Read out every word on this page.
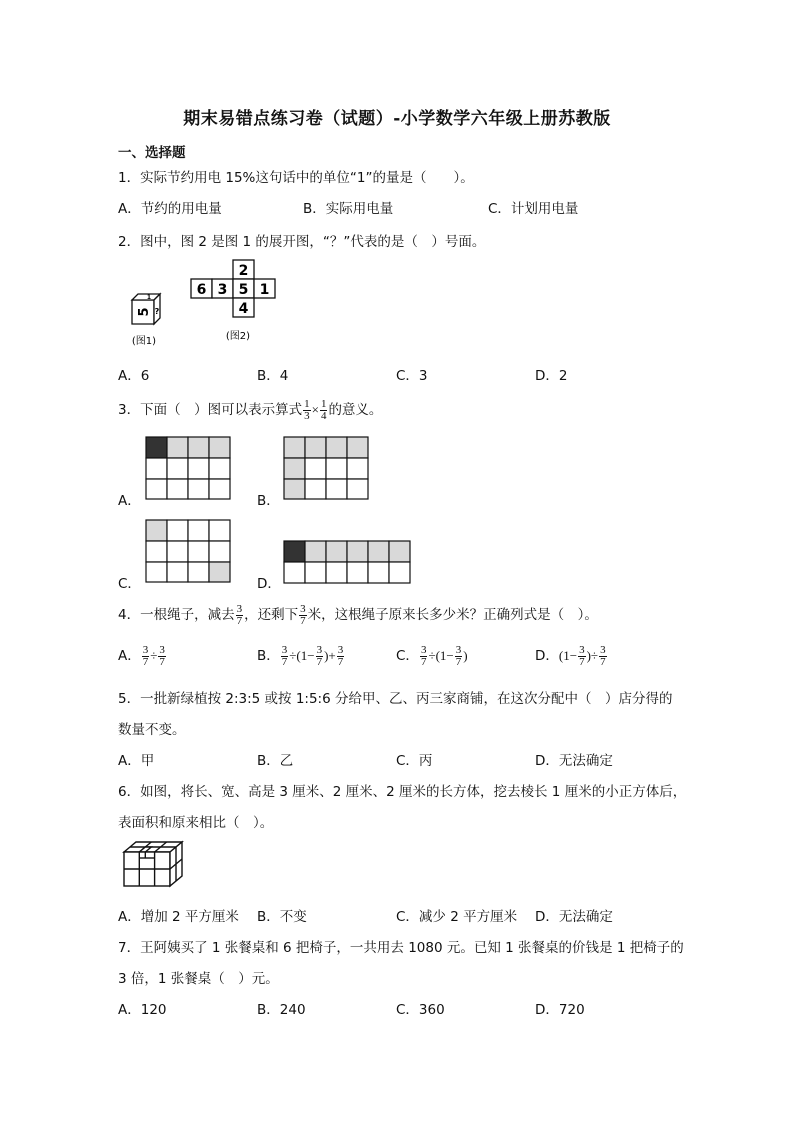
期末易错点练习卷（试题）-小学数学六年级上册苏教版
一、选择题
1．实际节约用电 15%这句话中的单位“1”的量是（　　）。
A．节约的用电量	B．实际用电量	C．计划用电量
2．图中，图 2 是图 1 的展开图，“？”代表的是（　）号面。
5
1
?
(图1)
2
6 3 5 1
4
(图2)
A．6	B．4	C．3	D．2
3．下面（　）图可以表示算式 $\frac{1}{3} \times \frac{1}{4}$ 的意义。
A．	B．
C．	D．
4．一根绳子，减去 $\frac{3}{7}$ ，还剩下 $\frac{3}{7}$ 米，这根绳子原来长多少米？正确列式是（　）。
A． $\frac{3}{7} \div \frac{3}{7}$	B． $\frac{3}{7} \div(1- \frac{3}{7}$ )+ $\frac{3}{7}$	C． $\frac{3}{7} \div(1- \frac{3}{7}$ )	D．($1- \frac{3}{7}$ )÷ $\frac{3}{7}$
5．一批新绿植按 2:3:5 或按 1:5:6 分给甲、乙、丙三家商铺，在这次分配中（　）店分得的
数量不变。
A．甲	B．乙	C．丙	D．无法确定
6．如图，将长、宽、高是 3 厘米、2 厘米、2 厘米的长方体，挖去棱长 1 厘米的小正方体后，
表面积和原来相比（　）。
A．增加 2 平方厘米 B．不变	C．减少 2 平方厘米 D．无法确定
7．王阿姨买了 1 张餐桌和 6 把椅子，一共用去 1080 元。已知 1 张餐桌的价钱是 1 把椅子的
3 倍，1 张餐桌（　）元。
A．120	B．240	C．360	D．720
